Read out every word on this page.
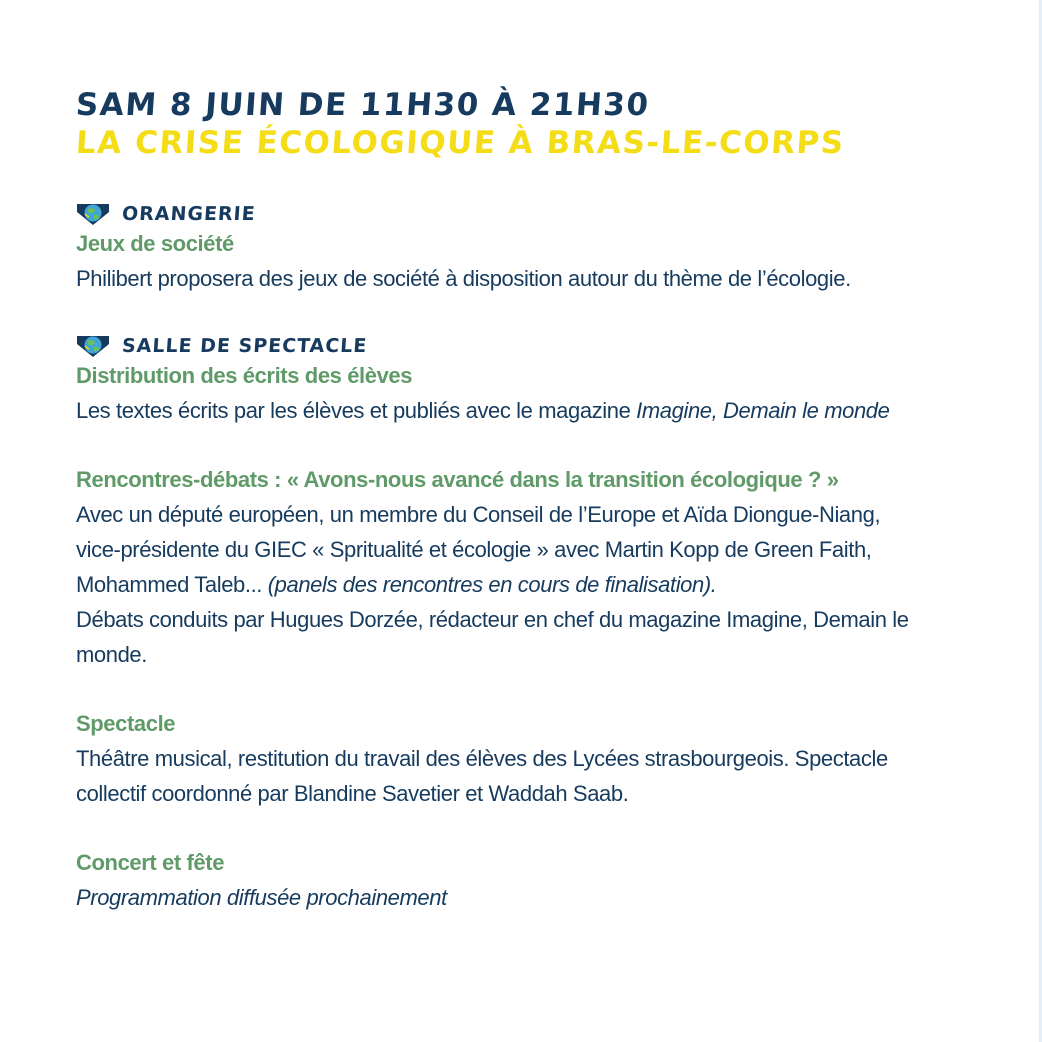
SAM 8 JUIN DE 11H30 À 21H30
LA CRISE ÉCOLOGIQUE À BRAS-LE-CORPS
ORANGERIE
Jeux de société
Philibert proposera des jeux de société à disposition autour du thème de l’écologie.
SALLE DE SPECTACLE
Distribution des écrits des élèves
Les textes écrits par les élèves et publiés avec le magazine Imagine, Demain le monde
Rencontres-débats : « Avons-nous avancé dans la transition écologique ? »
Avec un député européen, un membre du Conseil de l’Europe et Aïda Diongue-Niang,
vice-présidente du GIEC « Spritualité et écologie » avec Martin Kopp de Green Faith,
Mohammed Taleb... (panels des rencontres en cours de finalisation).
Débats conduits par Hugues Dorzée, rédacteur en chef du magazine Imagine, Demain le
monde.
Spectacle
Théâtre musical, restitution du travail des élèves des Lycées strasbourgeois. Spectacle
collectif coordonné par Blandine Savetier et Waddah Saab.
Concert et fête
Programmation diffusée prochainement
